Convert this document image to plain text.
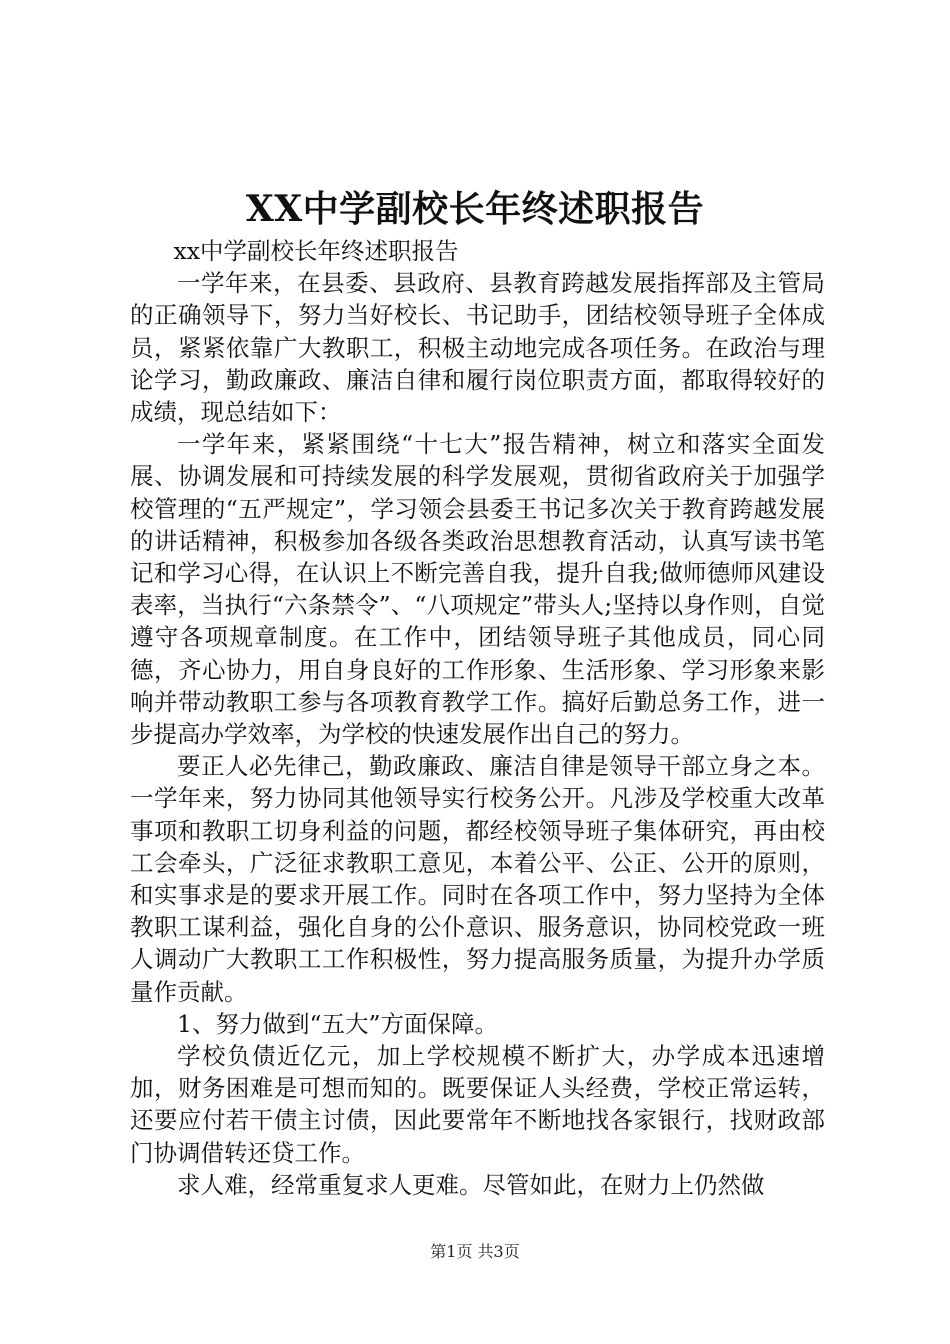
XX中学副校长年终述职报告

xx中学副校长年终述职报告

一学年来，在县委、县政府、县教育跨越发展指挥部及主管局的正确领导下，努力当好校长、书记助手，团结校领导班子全体成员，紧紧依靠广大教职工，积极主动地完成各项任务。在政治与理论学习，勤政廉政、廉洁自律和履行岗位职责方面，都取得较好的成绩，现总结如下：

一学年来，紧紧围绕“十七大”报告精神，树立和落实全面发展、协调发展和可持续发展的科学发展观，贯彻省政府关于加强学校管理的“五严规定”，学习领会县委王书记多次关于教育跨越发展的讲话精神，积极参加各级各类政治思想教育活动，认真写读书笔记和学习心得，在认识上不断完善自我，提升自我;做师德师风建设表率，当执行“六条禁令”、“八项规定”带头人;坚持以身作则，自觉遵守各项规章制度。在工作中，团结领导班子其他成员，同心同德，齐心协力，用自身良好的工作形象、生活形象、学习形象来影响并带动教职工参与各项教育教学工作。搞好后勤总务工作，进一步提高办学效率，为学校的快速发展作出自己的努力。

要正人必先律己，勤政廉政、廉洁自律是领导干部立身之本。一学年来，努力协同其他领导实行校务公开。凡涉及学校重大改革事项和教职工切身利益的问题，都经校领导班子集体研究，再由校工会牵头，广泛征求教职工意见，本着公平、公正、公开的原则，和实事求是的要求开展工作。同时在各项工作中，努力坚持为全体教职工谋利益，强化自身的公仆意识、服务意识，协同校党政一班人调动广大教职工工作积极性，努力提高服务质量，为提升办学质量作贡献。

1、努力做到“五大”方面保障。

学校负债近亿元，加上学校规模不断扩大，办学成本迅速增加，财务困难是可想而知的。既要保证人头经费，学校正常运转，还要应付若干债主讨债，因此要常年不断地找各家银行，找财政部门协调借转还贷工作。

求人难，经常重复求人更难。尽管如此，在财力上仍然做

第1页 共3页
